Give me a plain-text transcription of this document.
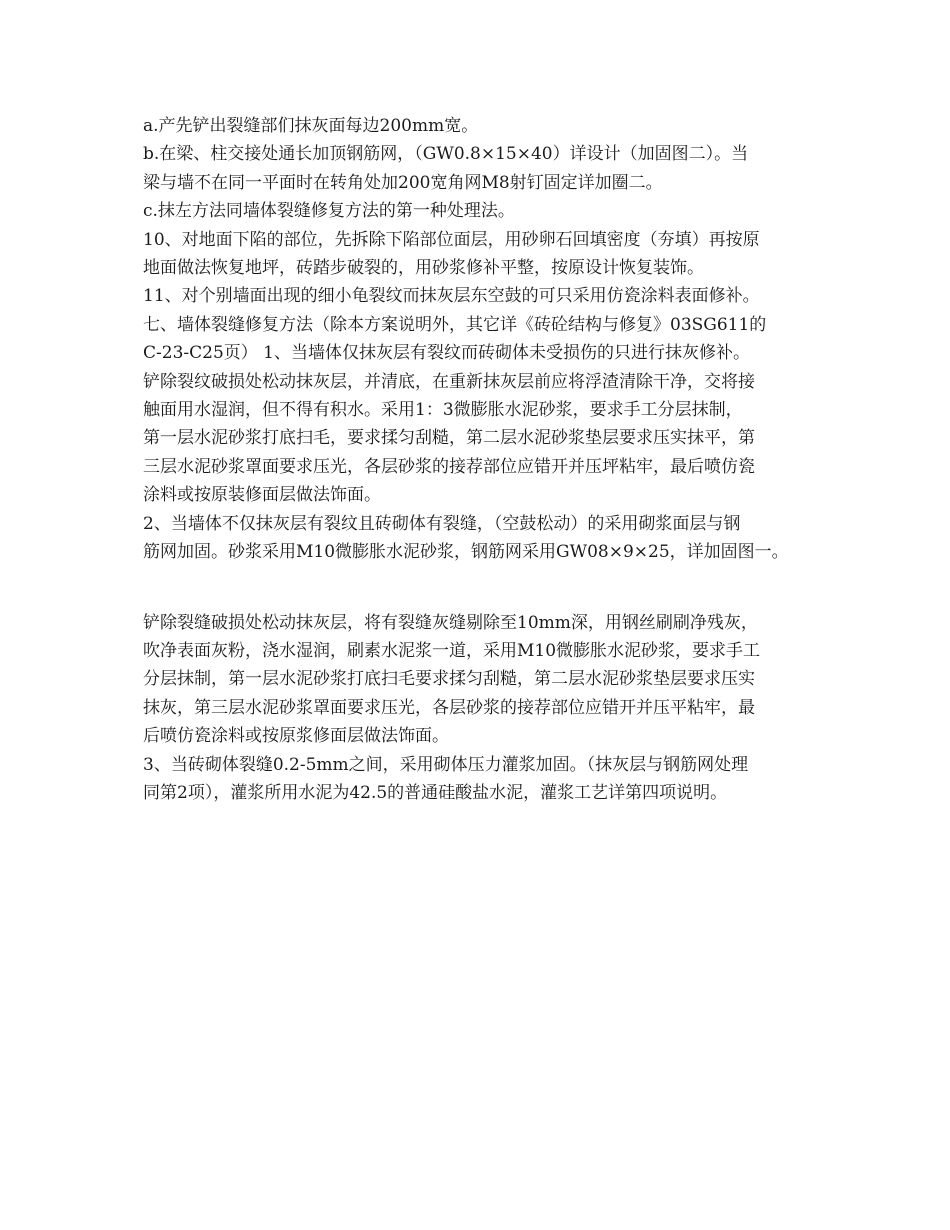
a.产先铲出裂缝部们抹灰面每边200mm宽。

b.在梁、柱交接处通长加顶钢筋网，（GW0.8×15×40）详设计（加固图二）。当
梁与墙不在同一平面时在转角处加200宽角网M8射钉固定详加圈二。

c.抹左方法同墙体裂缝修复方法的第一种处理法。

10、对地面下陷的部位，先拆除下陷部位面层，用砂卵石回填密度（夯填）再按原
地面做法恢复地坪，砖踏步破裂的，用砂浆修补平整，按原设计恢复装饰。

11、对个别墙面出现的细小龟裂纹而抹灰层东空鼓的可只采用仿瓷涂料表面修补。

七、墙体裂缝修复方法（除本方案说明外，其它详《砖砼结构与修复》03SG611的
C-23-C25页） 1、当墙体仅抹灰层有裂纹而砖砌体未受损伤的只进行抹灰修补。
铲除裂纹破损处松动抹灰层，并清底，在重新抹灰层前应将浮渣清除干净，交将接
触面用水湿润，但不得有积水。采用1：3微膨胀水泥砂浆，要求手工分层抹制，
第一层水泥砂浆打底扫毛，要求揉匀刮糙，第二层水泥砂浆垫层要求压实抹平，第
三层水泥砂浆罩面要求压光，各层砂浆的接荐部位应错开并压坪粘牢，最后喷仿瓷
涂料或按原装修面层做法饰面。

2、当墙体不仅抹灰层有裂纹且砖砌体有裂缝，（空鼓松动）的采用砌浆面层与钢
筋网加固。砂浆采用M10微膨胀水泥砂浆，钢筋网采用GW08×9×25，详加固图一。

铲除裂缝破损处松动抹灰层，将有裂缝灰缝剔除至10mm深，用钢丝刷刷净残灰，
吹净表面灰粉，浇水湿润，刷素水泥浆一道，采用M10微膨胀水泥砂浆，要求手工
分层抹制，第一层水泥砂浆打底扫毛要求揉匀刮糙，第二层水泥砂浆垫层要求压实
抹灰，第三层水泥砂浆罩面要求压光，各层砂浆的接荐部位应错开并压平粘牢，最
后喷仿瓷涂料或按原浆修面层做法饰面。

3、当砖砌体裂缝0.2-5mm之间，采用砌体压力灌浆加固。（抹灰层与钢筋网处理
同第2项），灌浆所用水泥为42.5的普通硅酸盐水泥，灌浆工艺详第四项说明。
